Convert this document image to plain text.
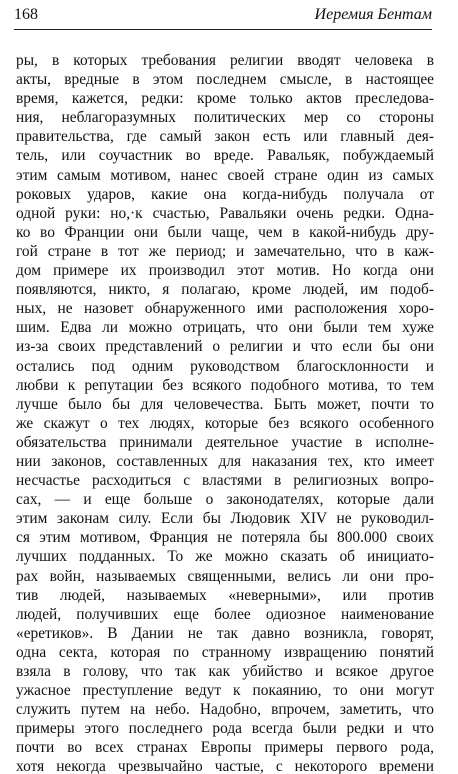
168	Иеремия Бентам
ры, в которых требования религии вводят человека в
акты, вредные в этом последнем смысле, в настоящее
время, кажется, редки: кроме только актов преследова-
ния, неблагоразумных политических мер со стороны
правительства, где самый закон есть или главный дея-
тель, или соучастник во вреде. Равальяк, побуждаемый
этим самым мотивом, нанес своей стране один из самых
роковых ударов, какие она когда-нибудь получала от
одной руки: но,·к счастью, Равальяки очень редки. Одна-
ко во Франции они были чаще, чем в какой-нибудь дру-
гой стране в тот же период; и замечательно, что в каж-
дом примере их производил этот мотив. Но когда они
появляются, никто, я полагаю, кроме людей, им подоб-
ных, не назовет обнаруженного ими расположения хоро-
шим. Едва ли можно отрицать, что они были тем хуже
из-за своих представлений о религии и что если бы они
остались под одним руководством благосклонности и
любви к репутации без всякого подобного мотива, то тем
лучше было бы для человечества. Быть может, почти то
же скажут о тех людях, которые без всякого особенного
обязательства принимали деятельное участие в исполне-
нии законов, составленных для наказания тех, кто имеет
несчастье расходиться с властями в религиозных вопро-
сах, — и еще больше о законодателях, которые дали
этим законам силу. Если бы Людовик XIV не руководил-
ся этим мотивом, Франция не потеряла бы 800.000 своих
лучших подданных. То же можно сказать об инициато-
рах войн, называемых священными, велись ли они про-
тив людей, называемых «неверными», или против
людей, получивших еще более одиозное наименование
«еретиков». В Дании не так давно возникла, говорят,
одна секта, которая по странному извращению понятий
взяла в голову, что так как убийство и всякое другое
ужасное преступление ведут к покаянию, то они могут
служить путем на небо. Надобно, впрочем, заметить, что
примеры этого последнего рода всегда были редки и что
почти во всех странах Европы примеры первого рода,
хотя некогда чрезвычайно частые, с некоторого времени
